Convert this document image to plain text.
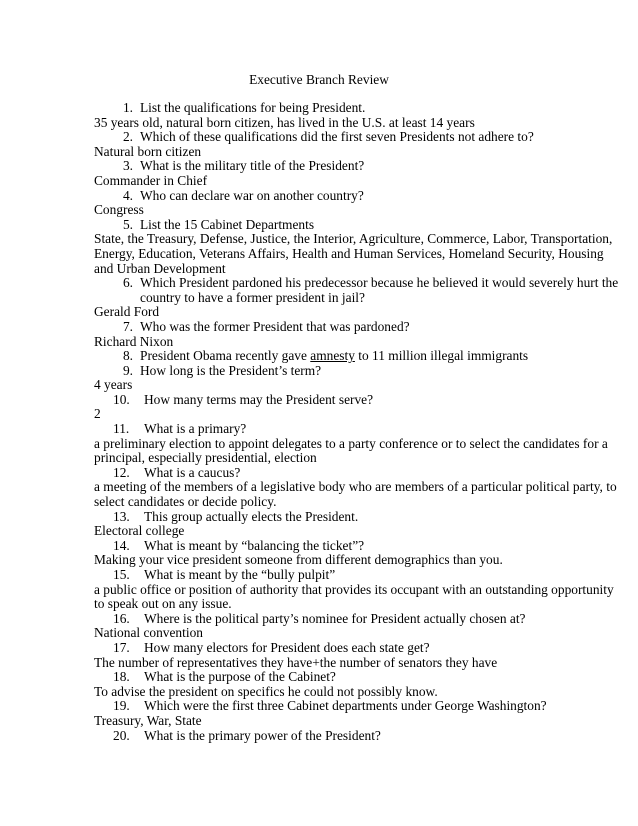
Executive Branch Review
1. List the qualifications for being President.
35 years old, natural born citizen, has lived in the U.S. at least 14 years
2. Which of these qualifications did the first seven Presidents not adhere to?
Natural born citizen
3. What is the military title of the President?
Commander in Chief
4. Who can declare war on another country?
Congress
5. List the 15 Cabinet Departments
State, the Treasury, Defense, Justice, the Interior, Agriculture, Commerce, Labor, Transportation, Energy, Education, Veterans Affairs, Health and Human Services, Homeland Security, Housing and Urban Development
6. Which President pardoned his predecessor because he believed it would severely hurt the country to have a former president in jail?
Gerald Ford
7. Who was the former President that was pardoned?
Richard Nixon
8. President Obama recently gave amnesty to 11 million illegal immigrants
9. How long is the President’s term?
4 years
10.	How many terms may the President serve?
2
11.	What is a primary?
a preliminary election to appoint delegates to a party conference or to select the candidates for a principal, especially presidential, election
12.	What is a caucus?
a meeting of the members of a legislative body who are members of a particular political party, to select candidates or decide policy.
13.	This group actually elects the President.
Electoral college
14.	What is meant by “balancing the ticket”?
Making your vice president someone from different demographics than you.
15.	What is meant by the “bully pulpit”
a public office or position of authority that provides its occupant with an outstanding opportunity to speak out on any issue.
16.	Where is the political party’s nominee for President actually chosen at?
National convention
17.	How many electors for President does each state get?
The number of representatives they have+the number of senators they have
18.	What is the purpose of the Cabinet?
To advise the president on specifics he could not possibly know.
19.	Which were the first three Cabinet departments under George Washington?
Treasury, War, State
20.	What is the primary power of the President?
